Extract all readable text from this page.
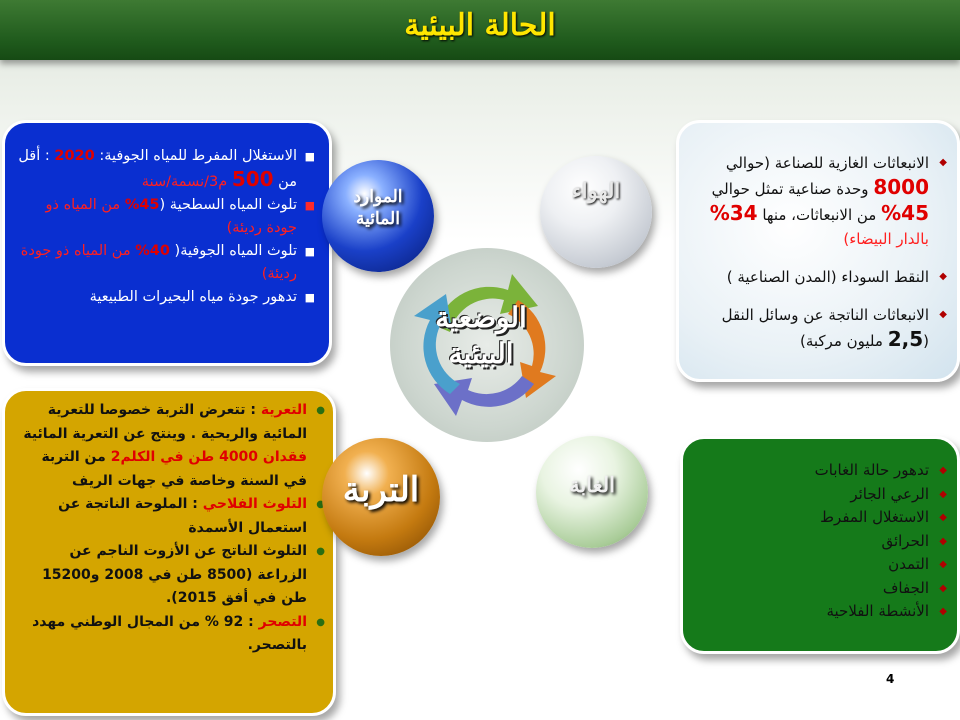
الحالة البيئية
■ الاستغلال المفرط للمياه الجوفية: 2020 : أقل من 500 م3/نسمة/سنة
■ تلوث المياه السطحية (45% من المياه ذو جودة رديئة)
■ تلوث المياه الجوفية( 40% من المياه ذو جودة رديئة)
■ تدهور جودة مياه البحيرات الطبيعية
◆ الانبعاثات الغازية للصناعة (حوالي 8000 وحدة صناعية تمثل حوالي 45% من الانبعاثات، منها 34% بالدار البيضاء)
◆ النقط السوداء (المدن الصناعية )
◆ الانبعاثات الناتجة عن وسائل النقل (2,5 مليون مركبة)
● التعرية : تتعرض التربة خصوصا للتعرية المائية والريحية . وينتج عن التعرية المائية فقدان 4000 طن في الكلم2 من التربة في السنة وخاصة في جهات الريف
● التلوث الفلاحي : الملوحة الناتجة عن استعمال الأسمدة
● التلوث الناتج عن الأزوت الناجم عن الزراعة (8500 طن في 2008 و15200 طن في أفق 2015).
● التصحر : 92 % من المجال الوطني مهدد بالتصحر.
◆ تدهور حالة الغابات
◆ الرعي الجائر
◆ الاستغلال المفرط
◆ الحرائق
◆ التمدن
◆ الجفاف
◆ الأنشطة الفلاحية
الوضعية
البيئية
الموارد
المائية
الهواء
التربة	الغابة
4
